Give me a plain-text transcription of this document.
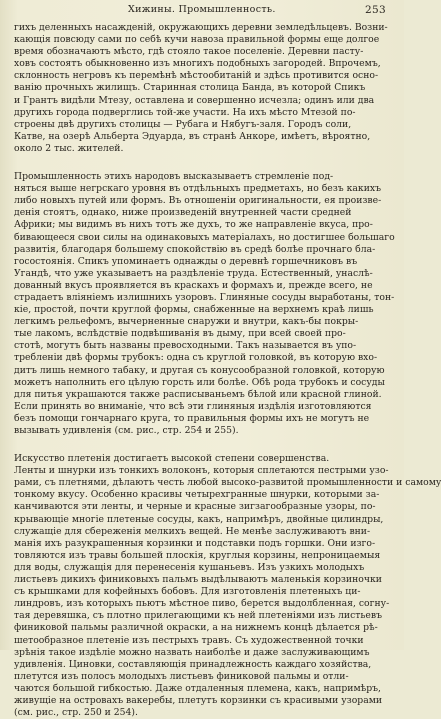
Хижины. Промышленность.	253
гихъ деленныхъ насажденій, окружающихъ деревни земледѣльцевъ. Возни-
кающія повсюду сами по себѣ кучи навоза правильной формы еще долгое
время обозначаютъ мѣсто, гдѣ стояло такое поселеніе. Деревни пасту-
ховъ состоятъ обыкновенно изъ многихъ подобныхъ загородей. Впрочемъ,
склонность негровъ къ перемѣнѣ мѣстообитаній и здѣсь противится осно-
ванію прочныхъ жилищъ. Старинная столица Банда, въ которой Спикъ
и Грантъ видѣли Мтезу, оставлена и совершенно исчезла; одинъ или два
другихъ города подверглись той-же участи. На ихъ мѣсто Мтезой по-
строены двѣ другихъ столицы — Рубага и Нябугъ-заля. Городъ соли,
Катве, на озерѣ Альберта Эдуарда, въ странѣ Анкоре, имѣетъ, вѣроятно,
около 2 тыс. жителей.
Промышленность этихъ народовъ высказываетъ стремленіе под-
няться выше негрскаго уровня въ отдѣльныхъ предметахъ, но безъ какихъ
либо новыхъ путей или формъ. Въ отношеніи оригинальности, ея произве-
денія стоятъ, однако, ниже произведеній внутренней части средней
Африки; мы видимъ въ нихъ тотъ же духъ, то же направленіе вкуса, про-
бивающееся свои силы на одинаковыхъ матеріалахъ, но достигшее большаго
развитія, благодаря большему спокойствію въ средѣ болѣе прочнаго бла-
госостоянія. Спикъ упоминаетъ однажды о деревнѣ горшечниковъ въ
Угандѣ, что уже указываетъ на раздѣленіе труда. Естественный, унаслѣ-
дованный вкусъ проявляется въ краскахъ и формахъ и, прежде всего, не
страдаетъ вліяніемъ излишнихъ узоровъ. Глиняные сосуды выработаны, тон-
кіе, простой, почти круглой формы, снабженные на верхнемъ краѣ лишь
легкимъ рельефомъ, вычерненные снаружи и внутри, какъ-бы покры-
тые лакомъ, вслѣдствіе подвѣшиванія въ дыму, при всей своей про-
стотѣ, могутъ быть названы превосходными. Такъ называется въ упо-
требленіи двѣ формы трубокъ: одна съ круглой головкой, въ которую вхо-
дитъ лишь немного табаку, и другая съ конусообразной головкой, которую
можетъ наполнить его цѣлую горсть или болѣе. Обѣ рода трубокъ и сосуды
для питья украшаются также расписываньемъ бѣлой или красной глиной.
Если принять во вниманіе, что всѣ эти глиняныя издѣлія изготовляются
безъ помощи гончарнаго круга, то правильныя формы ихъ не могутъ не
вызывать удивленія (см. рис., стр. 254 и 255).
Искусство плетенія достигаетъ высокой степени совершенства.
Ленты и шнурки изъ тонкихъ волоконъ, которыя сплетаются пестрыми узо-
рами, съ плетнями, дѣлаютъ честь любой высоко-развитой промышленности и самому
тонкому вкусу. Особенно красивы четырехгранные шнурки, которыми за-
канчиваются эти ленты, и черные и красные зигзагообразные узоры, по-
крывающіе многіе плетеные сосуды, какъ, напримѣръ, двойные цилиндры,
служащіе для сбереженія мелкихъ вещей. Не менѣе заслуживаютъ вни-
манія ихъ разукрашенныя корзинки и подставки подъ горшки. Они изго-
товляются изъ травы большей плоскія, круглыя корзины, непроницаемыя
для воды, служащія для перенесенія кушаньевъ. Изъ узкихъ молодыхъ
листьевъ дикихъ финиковыхъ пальмъ выдѣлываютъ маленькія корзиночки
съ крышками для кофейныхъ бобовъ. Для изготовленія плетеныхъ ци-
линдровъ, изъ которыхъ пьютъ мѣстное пиво, берется выдолбленная, согну-
тая деревяшка, съ плотно прилегающими къ ней плетеніями изъ листьевъ
финиковой пальмы различной окраски, а на нижнемъ концѣ дѣлается рѣ-
шетообразное плетеніе изъ пестрыхъ травъ. Съ художественной точки
зрѣнія такое издѣліе можно назвать наиболѣе и даже заслуживающимъ
удивленія. Циновки, составляющія принадлежность каждаго хозяйства,
плетутся изъ полосъ молодыхъ листьевъ финиковой пальмы и отли-
чаются большой гибкостью. Даже отдаленныя племена, какъ, напримѣръ,
живущіе на островахъ вакеребы, плетутъ корзинки съ красивыми узорами
(см. рис., стр. 250 и 254).
